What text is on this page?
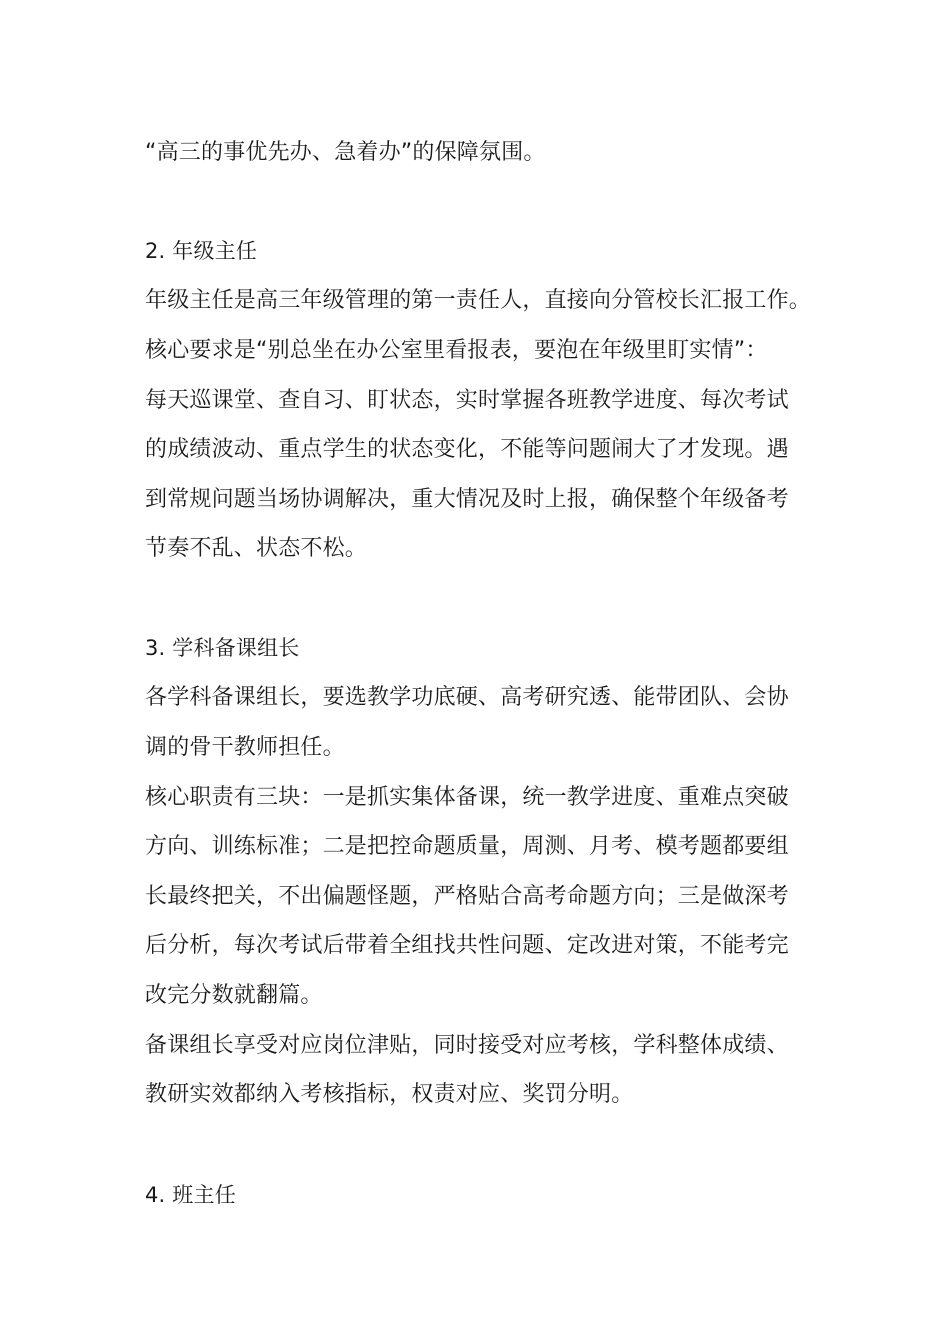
“高三的事优先办、急着办”的保障氛围。

2. 年级主任

年级主任是高三年级管理的第一责任人，直接向分管校长汇报工作。

核心要求是“别总坐在办公室里看报表，要泡在年级里盯实情”：

每天巡课堂、查自习、盯状态，实时掌握各班教学进度、每次考试

的成绩波动、重点学生的状态变化，不能等问题闹大了才发现。遇

到常规问题当场协调解决，重大情况及时上报，确保整个年级备考

节奏不乱、状态不松。

3. 学科备课组长

各学科备课组长，要选教学功底硬、高考研究透、能带团队、会协

调的骨干教师担任。

核心职责有三块：一是抓实集体备课，统一教学进度、重难点突破

方向、训练标准；二是把控命题质量，周测、月考、模考题都要组

长最终把关，不出偏题怪题，严格贴合高考命题方向；三是做深考

后分析，每次考试后带着全组找共性问题、定改进对策，不能考完

改完分数就翻篇。

备课组长享受对应岗位津贴，同时接受对应考核，学科整体成绩、

教研实效都纳入考核指标，权责对应、奖罚分明。

4. 班主任
